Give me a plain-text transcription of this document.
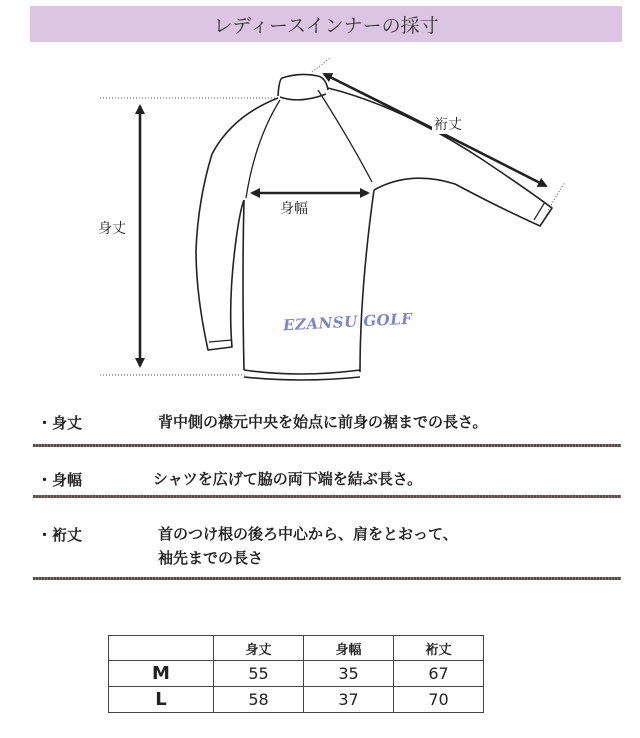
レディースインナーの採寸
身丈
身幅
裄丈
EZANSU GOLF
・身丈	背中側の襟元中央を始点に前身の裾までの長さ。
・身幅	シャツを広げて脇の両下端を結ぶ長さ。
・裄丈	首のつけ根の後ろ中心から、肩をとおって、
袖先までの長さ
	身丈	身幅	裄丈
M	55	35	67
L	58	37	70
